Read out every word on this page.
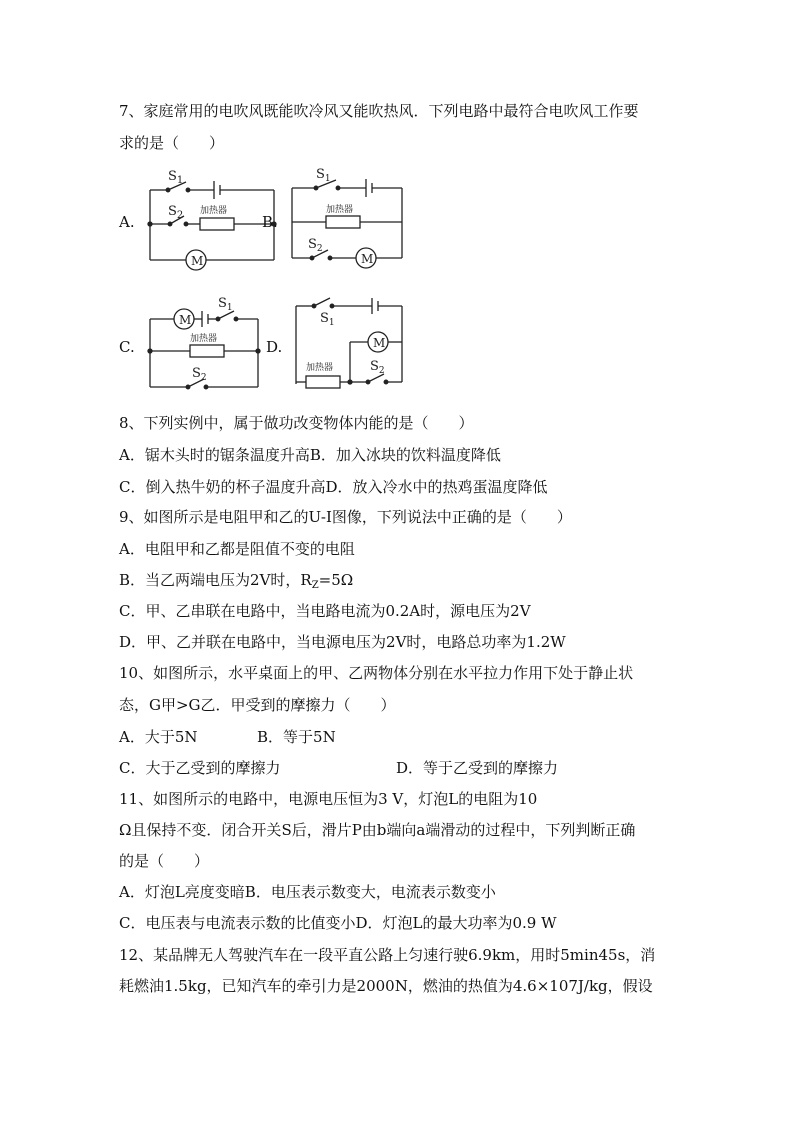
7、家庭常用的电吹风既能吹冷风又能吹热风．下列电路中最符合电吹风工作要
求的是（　　）
A.
$S_1$
$S_2$ 加热器
M
B.
$S_1$
加热器
M
$S_2$
C.
M
$S_1$
加热器
$S_2$
D.
$S_1$
M
加热器	$S_2$
8、下列实例中，属于做功改变物体内能的是（　　）
A．锯木头时的锯条温度升高B．加入冰块的饮料温度降低
C．倒入热牛奶的杯子温度升高D．放入冷水中的热鸡蛋温度降低
9、如图所示是电阻甲和乙的U-I图像，下列说法中正确的是（　　）
A．电阻甲和乙都是阻值不变的电阻
B．当乙两端电压为2V时，$R_Z=5\Omega$
C．甲、乙串联在电路中，当电路电流为0.2A时，源电压为2V
D．甲、乙并联在电路中，当电源电压为2V时，电路总功率为1.2W
10、如图所示，水平桌面上的甲、乙两物体分别在水平拉力作用下处于静止状
态，G甲>G乙．甲受到的摩擦力（　　）
A．大于5N	B．等于5N
C．大于乙受到的摩擦力	D．等于乙受到的摩擦力
11、如图所示的电路中，电源电压恒为3 V，灯泡L的电阻为10
Ω且保持不变．闭合开关S后，滑片P由b端向a端滑动的过程中，下列判断正确
的是（　　）
A．灯泡L亮度变暗B．电压表示数变大，电流表示数变小
C．电压表与电流表示数的比值变小D．灯泡L的最大功率为0.9 W
12、某品牌无人驾驶汽车在一段平直公路上匀速行驶6.9km，用时5min45s，消
耗燃油1.5kg，已知汽车的牵引力是2000N，燃油的热值为4.6×107J/kg，假设
